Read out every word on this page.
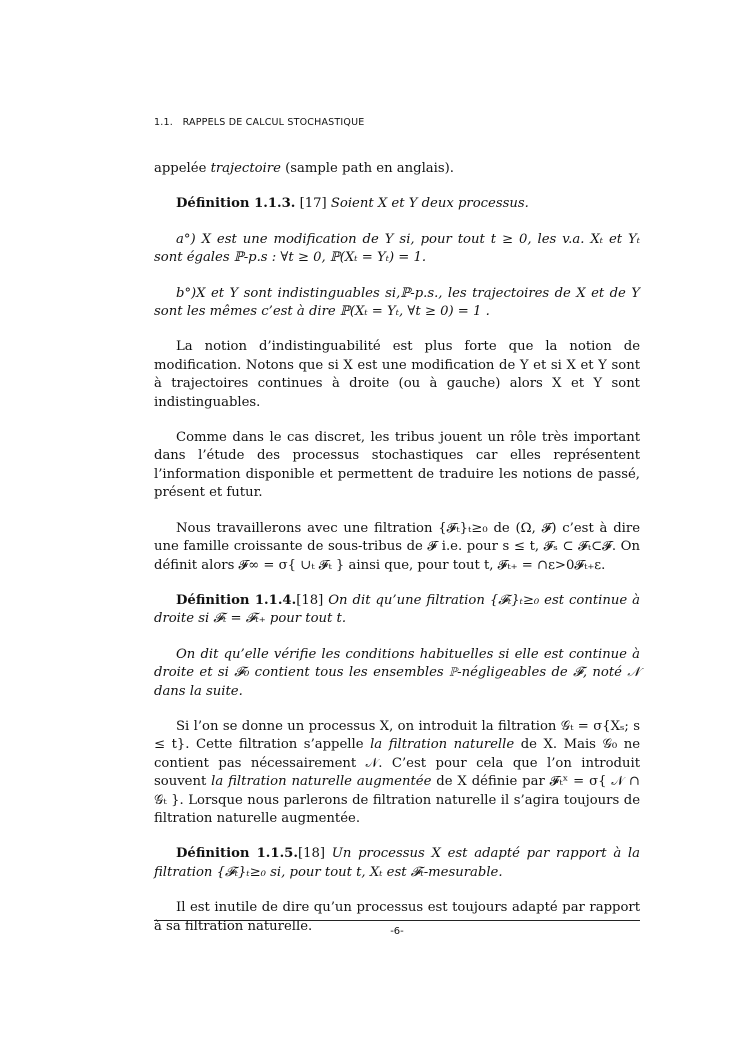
1.1. RAPPELS DE CALCUL STOCHASTIQUE

appelée trajectoire (sample path en anglais).

Définition 1.1.3. [17] Soient X et Y deux processus.

a°) X est une modification de Y si, pour tout t ≥ 0, les v.a. Xₜ et Yₜ sont égales ℙ-p.s : ∀t ≥ 0, ℙ(Xₜ = Yₜ) = 1.

b°)X et Y sont indistinguables si,ℙ-p.s., les trajectoires de X et de Y sont les mêmes c’est à dire ℙ(Xₜ = Yₜ, ∀t ≥ 0) = 1 .

La notion d’indistinguabilité est plus forte que la notion de modification. Notons que si X est une modification de Y et si X et Y sont à trajectoires continues à droite (ou à gauche) alors X et Y sont indistinguables.

Comme dans le cas discret, les tribus jouent un rôle très important dans l’étude des processus stochastiques car elles représentent l’information disponible et permettent de traduire les notions de passé, présent et futur.

Nous travaillerons avec une filtration {𝓕ₜ}ₜ≥₀ de (Ω, 𝓕) c’est à dire une famille croissante de sous-tribus de 𝓕 i.e. pour s ≤ t, 𝓕ₛ ⊂ 𝓕ₜ⊂𝓕. On définit alors 𝓕∞ = σ{ ∪ₜ 𝓕ₜ } ainsi que, pour tout t, 𝓕ₜ₊ = ∩ε>0𝓕ₜ₊ε.

Définition 1.1.4.[18] On dit qu’une filtration {𝓕ₜ}ₜ≥₀ est continue à droite si 𝓕ₜ = 𝓕ₜ₊ pour tout t.

On dit qu’elle vérifie les conditions habituelles si elle est continue à droite et si 𝓕₀ contient tous les ensembles ℙ-négligeables de 𝓕, noté 𝒩 dans la suite.

Si l’on se donne un processus X, on introduit la filtration 𝒢ₜ = σ{Xₛ; s ≤ t}. Cette filtration s’appelle la filtration naturelle de X. Mais 𝒢₀ ne contient pas nécessairement 𝒩. C’est pour cela que l’on introduit souvent la filtration naturelle augmentée de X définie par 𝓕ₜˣ = σ{ 𝒩 ∩ 𝒢ₜ }. Lorsque nous parlerons de filtration naturelle il s’agira toujours de filtration naturelle augmentée.

Définition 1.1.5.[18] Un processus X est adapté par rapport à la filtration {𝓕ₜ}ₜ≥₀ si, pour tout t, Xₜ est 𝓕ₜ-mesurable.

Il est inutile de dire qu’un processus est toujours adapté par rapport à sa filtration naturelle.	-6-
